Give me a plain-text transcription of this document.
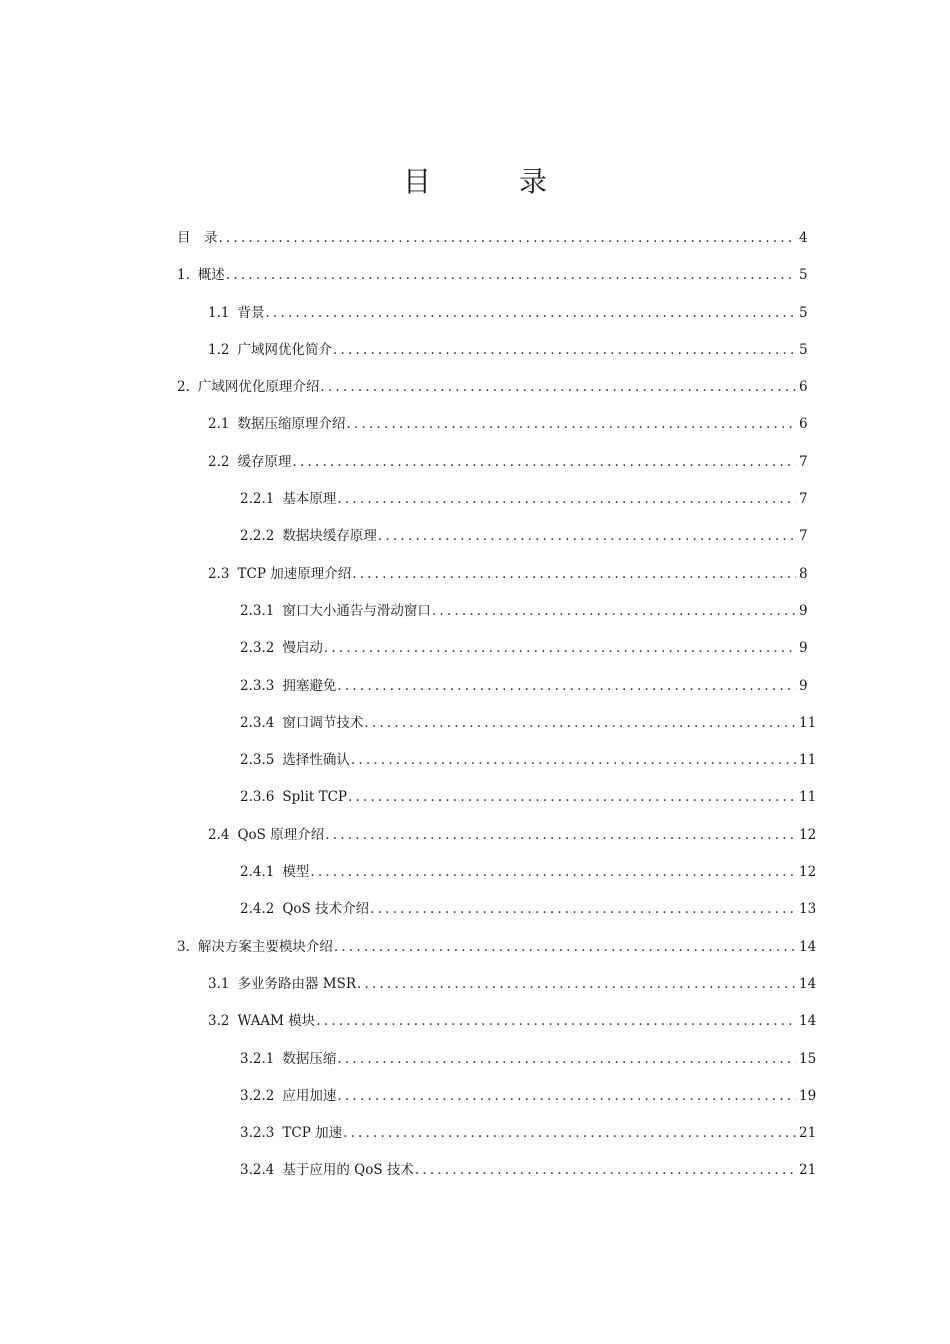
目　录
目　录 .....	4
1. 概述 .....	5
1.1 背景 .....	5
1.2 广域网优化简介 .....	5
2. 广域网优化原理介绍 .....	6
2.1 数据压缩原理介绍 .....	6
2.2 缓存原理 .....	7
2.2.1 基本原理 .....	7
2.2.2 数据块缓存原理 .....	7
2.3 TCP 加速原理介绍 .....	8
2.3.1 窗口大小通告与滑动窗口 .....	9
2.3.2 慢启动 .....	9
2.3.3 拥塞避免 .....	9
2.3.4 窗口调节技术 .....	11
2.3.5 选择性确认 .....	11
2.3.6 Split TCP .....	11
2.4 QoS 原理介绍 .....	12
2.4.1 模型 .....	12
2.4.2 QoS 技术介绍 .....	13
3. 解决方案主要模块介绍 .....	14
3.1 多业务路由器 MSR .....	14
3.2 WAAM 模块 .....	14
3.2.1 数据压缩 .....	15
3.2.2 应用加速 .....	19
3.2.3 TCP 加速 .....	21
3.2.4 基于应用的 QoS 技术 .....	21
